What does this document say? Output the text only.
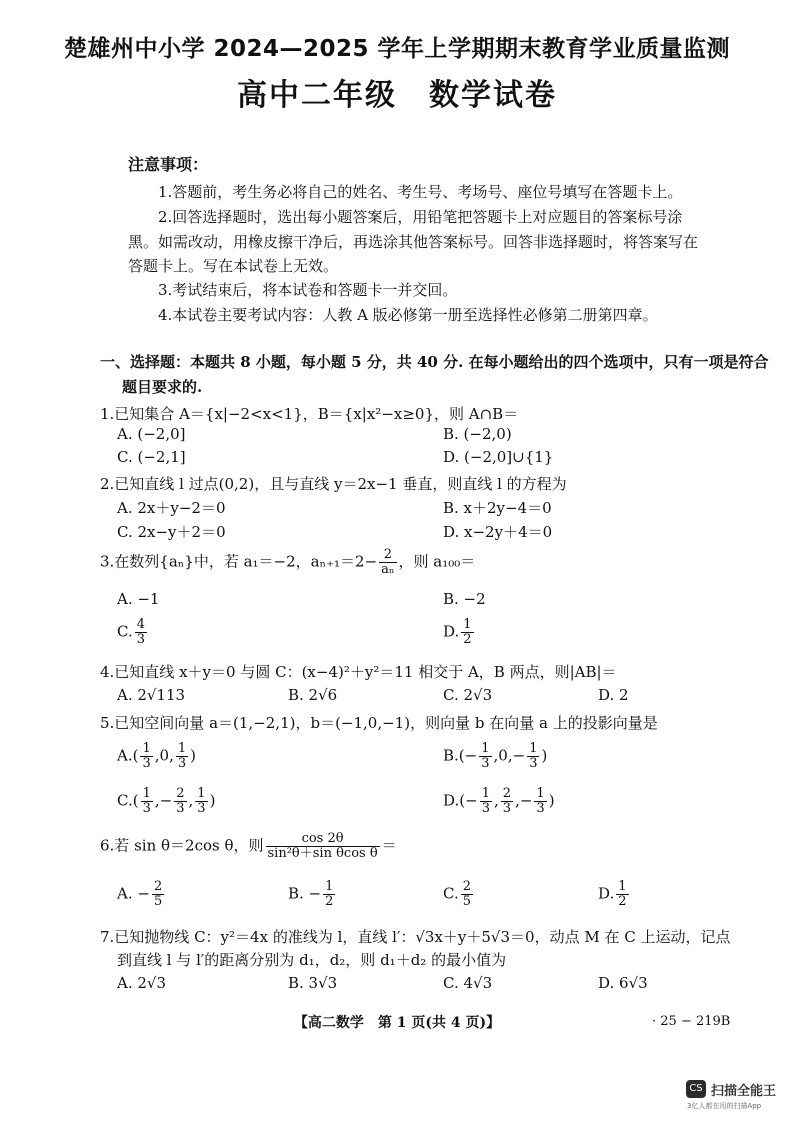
楚雄州中小学 2024—2025 学年上学期期末教育学业质量监测
高中二年级　数学试卷
注意事项：
1.答题前，考生务必将自己的姓名、考生号、考场号、座位号填写在答题卡上。
2.回答选择题时，选出每小题答案后，用铅笔把答题卡上对应题目的答案标号涂
黑。如需改动，用橡皮擦干净后，再选涂其他答案标号。回答非选择题时，将答案写在
答题卡上。写在本试卷上无效。
3.考试结束后，将本试卷和答题卡一并交回。
4.本试卷主要考试内容：人教 A 版必修第一册至选择性必修第二册第四章。
一、选择题：本题共 8 小题，每小题 5 分，共 40 分. 在每小题给出的四个选项中，只有一项是符合
题目要求的.
1.已知集合 A＝{x|−2<x<1}，B＝{x|x²−x≥0}，则 A∩B＝
A. (−2,0]	B. (−2,0)
C. (−2,1]	D. (−2,0]∪{1}
2.已知直线 l 过点(0,2)，且与直线 y＝2x−1 垂直，则直线 l 的方程为
A. 2x＋y−2＝0	B. x＋2y−4＝0
C. 2x−y＋2＝0	D. x−2y＋4＝0
3.在数列{aₙ}中，若 a₁＝−2，$a_{n+1}=2- \frac{2}{\text{aₙ}}$ ，则 a₁₀₀＝
A. −1	B. −2
C. $\frac{4}{3}$	D. $\frac{1}{2}$
4.已知直线 x＋y＝0 与圆 C：(x−4)²＋y²＝11 相交于 A，B 两点，则|AB|＝
A. 2√113	B. 2√6	C. 2√3	D. 2
5.已知空间向量 a＝(1,−2,1)，b＝(−1,0,−1)，则向量 b 在向量 a 上的投影向量是
$A.( \frac{1}{3} ,0$, $\frac{1}{3}$ )	$B.(- \frac{1}{3} ,0,- \frac{1}{3}$ )
$C.( \frac{1}{3}$ ,− $\frac{2}{3}$ , $\frac{1}{3}$ )	$D.(- \frac{1}{3}$ , $\frac{2}{3}$ ,− $\frac{1}{3}$ )
6.若 sin θ＝2cos θ，则 $\frac{\cos 2\theta}{\text{sin²θ＋sin θcos θ}}$ ＝
A. − $\frac{2}{5}$	B. − $\frac{1}{2}$	C. $\frac{2}{5}$	D. $\frac{1}{2}$
7.已知抛物线 C：y²＝4x 的准线为 l，直线 l′：√3x＋y＋5√3＝0，动点 M 在 C 上运动，记点
到直线 l 与 l′的距离分别为 d₁，d₂，则 d₁＋d₂ 的最小值为
A. 2√3	B. 3√3	C. 4√3	D. 6√3
【高二数学　第 1 页(共 4 页)】	· 25 − 219B
CS 扫描全能王
3亿人都在用的扫描App
